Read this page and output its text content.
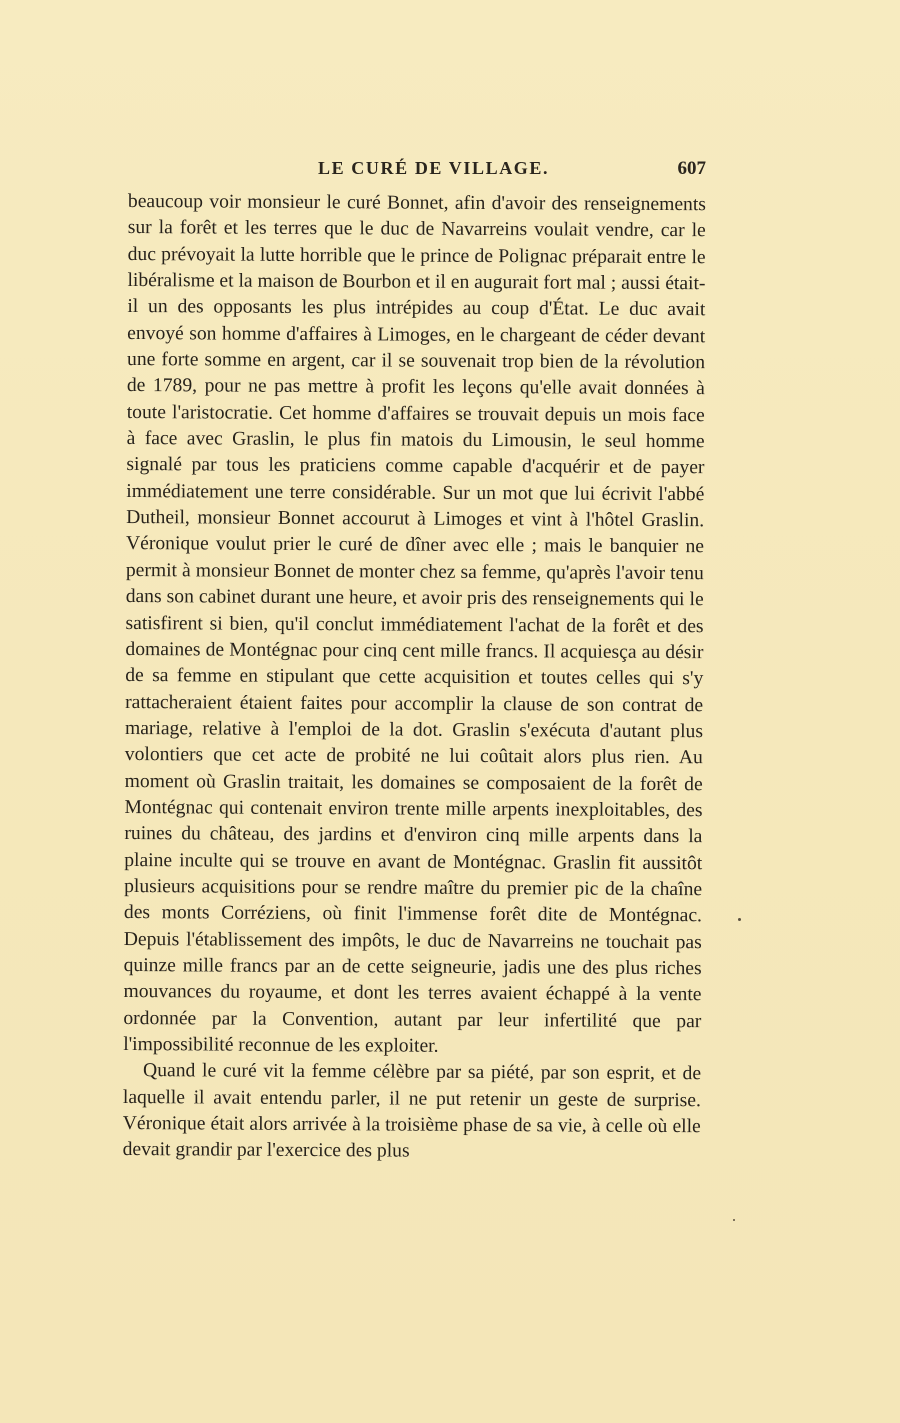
LE CURÉ DE VILLAGE.	607

beaucoup voir monsieur le curé Bonnet, afin d'avoir des renseignements sur la forêt et les terres que le duc de Navarreins voulait vendre, car le duc prévoyait la lutte horrible que le prince de Polignac préparait entre le libéralisme et la maison de Bourbon et il en augurait fort mal ; aussi était-il un des opposants les plus intrépides au coup d'État. Le duc avait envoyé son homme d'affaires à Limoges, en le chargeant de céder devant une forte somme en argent, car il se souvenait trop bien de la révolution de 1789, pour ne pas mettre à profit les leçons qu'elle avait données à toute l'aristocratie. Cet homme d'affaires se trouvait depuis un mois face à face avec Graslin, le plus fin matois du Limousin, le seul homme signalé par tous les praticiens comme capable d'acquérir et de payer immédiatement une terre considérable. Sur un mot que lui écrivit l'abbé Dutheil, monsieur Bonnet accourut à Limoges et vint à l'hôtel Graslin. Véronique voulut prier le curé de dîner avec elle ; mais le banquier ne permit à monsieur Bonnet de monter chez sa femme, qu'après l'avoir tenu dans son cabinet durant une heure, et avoir pris des renseignements qui le satisfirent si bien, qu'il conclut immédiatement l'achat de la forêt et des domaines de Montégnac pour cinq cent mille francs. Il acquiesça au désir de sa femme en stipulant que cette acquisition et toutes celles qui s'y rattacheraient étaient faites pour accomplir la clause de son contrat de mariage, relative à l'emploi de la dot. Graslin s'exécuta d'autant plus volontiers que cet acte de probité ne lui coûtait alors plus rien. Au moment où Graslin traitait, les domaines se composaient de la forêt de Montégnac qui contenait environ trente mille arpents inexploitables, des ruines du château, des jardins et d'environ cinq mille arpents dans la plaine inculte qui se trouve en avant de Montégnac. Graslin fit aussitôt plusieurs acquisitions pour se rendre maître du premier pic de la chaîne des monts Corréziens, où finit l'immense forêt dite de Montégnac. Depuis l'établissement des impôts, le duc de Navarreins ne touchait pas quinze mille francs par an de cette seigneurie, jadis une des plus riches mouvances du royaume, et dont les terres avaient échappé à la vente ordonnée par la Convention, autant par leur infertilité que par l'impossibilité reconnue de les exploiter.

Quand le curé vit la femme célèbre par sa piété, par son esprit, et de laquelle il avait entendu parler, il ne put retenir un geste de surprise. Véronique était alors arrivée à la troisième phase de sa vie, à celle où elle devait grandir par l'exercice des plus
